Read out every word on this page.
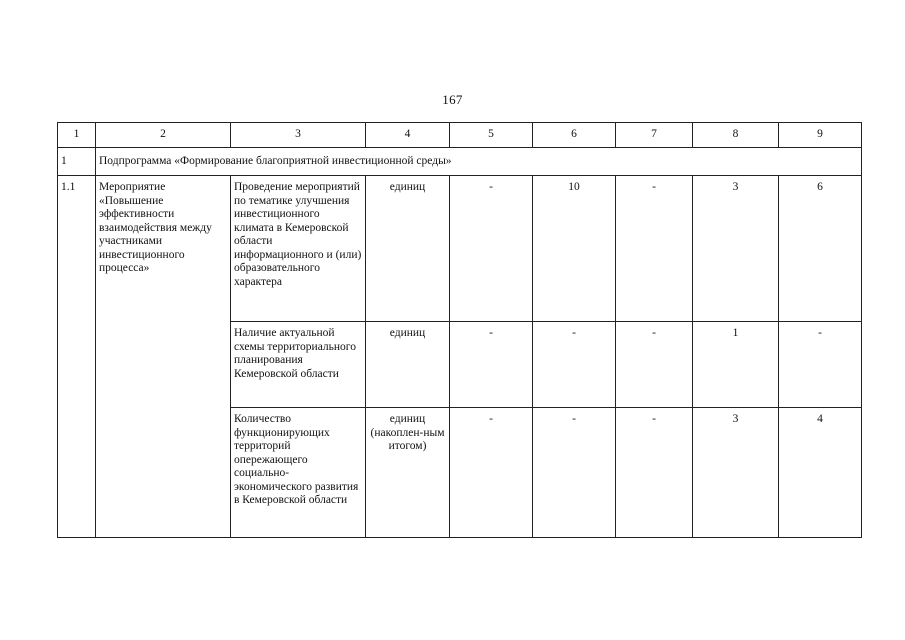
167
1	2	3	4	5	6	7	8	9

1	Подпрограмма «Формирование благоприятной инвестиционной среды»							

1.1	Мероприятие «Повышение эффективности взаимодействия между участниками инвестиционного процесса»	Проведение мероприятий по тематике улучшения инвестиционного климата в Кемеровской области информационного и (или) образовательного характера	единиц	-	10	-	3	6

		Наличие актуальной схемы территориального планирования Кемеровской области	единиц	-	-	-	1	-

		Количество функционирующих территорий опережающего социально-экономического развития в Кемеровской области	единиц (накоплен-ным итогом)	-	-	-	3	4
